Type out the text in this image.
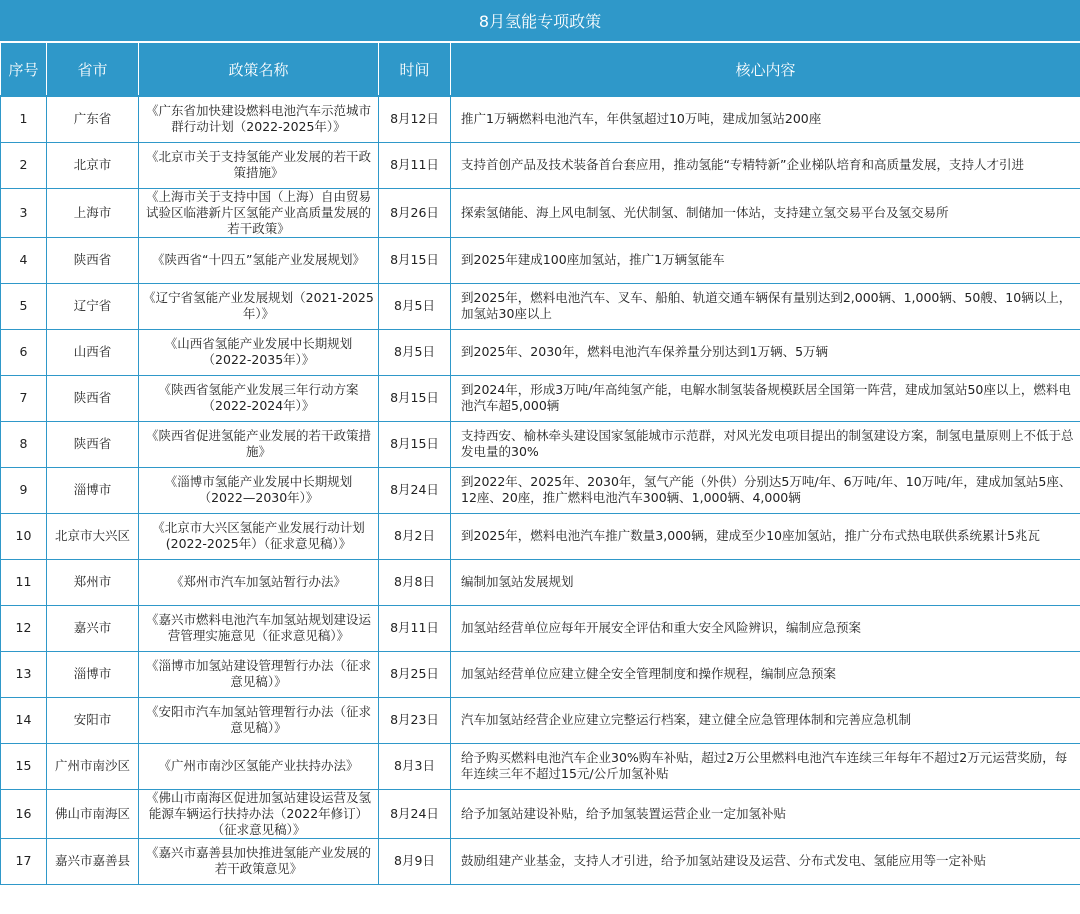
8月氢能专项政策
序号	省市	政策名称	时间	核心内容
1	广东省	《广东省加快建设燃料电池汽车示范城市群行动计划（2022-2025年）》	8月12日	推广1万辆燃料电池汽车，年供氢超过10万吨，建成加氢站200座
2	北京市	《北京市关于支持氢能产业发展的若干政策措施》	8月11日	支持首创产品及技术装备首台套应用，推动氢能“专精特新”企业梯队培育和高质量发展，支持人才引进
3	上海市	《上海市关于支持中国（上海）自由贸易试验区临港新片区氢能产业高质量发展的若干政策》	8月26日	探索氢储能、海上风电制氢、光伏制氢、制储加一体站，支持建立氢交易平台及氢交易所
4	陕西省	《陕西省“十四五”氢能产业发展规划》	8月15日	到2025年建成100座加氢站，推广1万辆氢能车
5	辽宁省	《辽宁省氢能产业发展规划（2021-2025年）》	8月5日	到2025年，燃料电池汽车、叉车、船舶、轨道交通车辆保有量别达到2,000辆、1,000辆、50艘、10辆以上，加氢站30座以上
6	山西省	《山西省氢能产业发展中长期规划（2022-2035年）》	8月5日	到2025年、2030年，燃料电池汽车保养量分别达到1万辆、5万辆
7	陕西省	《陕西省氢能产业发展三年行动方案（2022-2024年）》	8月15日	到2024年，形成3万吨/年高纯氢产能，电解水制氢装备规模跃居全国第一阵营，建成加氢站50座以上，燃料电池汽车超5,000辆
8	陕西省	《陕西省促进氢能产业发展的若干政策措施》	8月15日	支持西安、榆林牵头建设国家氢能城市示范群，对风光发电项目提出的制氢建设方案，制氢电量原则上不低于总发电量的30%
9	淄博市	《淄博市氢能产业发展中长期规划（2022—2030年）》	8月24日	到2022年、2025年、2030年，氢气产能（外供）分别达5万吨/年、6万吨/年、10万吨/年，建成加氢站5座、12座、20座，推广燃料电池汽车300辆、1,000辆、4,000辆
10	北京市大兴区	《北京市大兴区氢能产业发展行动计划(2022-2025年）（征求意见稿）》	8月2日	到2025年，燃料电池汽车推广数量3,000辆，建成至少10座加氢站，推广分布式热电联供系统累计5兆瓦
11	郑州市	《郑州市汽车加氢站暂行办法》	8月8日	编制加氢站发展规划
12	嘉兴市	《嘉兴市燃料电池汽车加氢站规划建设运营管理实施意见（征求意见稿）》	8月11日	加氢站经营单位应每年开展安全评估和重大安全风险辨识，编制应急预案
13	淄博市	《淄博市加氢站建设管理暂行办法（征求意见稿）》	8月25日	加氢站经营单位应建立健全安全管理制度和操作规程，编制应急预案
14	安阳市	《安阳市汽车加氢站管理暂行办法（征求意见稿）》	8月23日	汽车加氢站经营企业应建立完整运行档案，建立健全应急管理体制和完善应急机制
15	广州市南沙区	《广州市南沙区氢能产业扶持办法》	8月3日	给予购买燃料电池汽车企业30%购车补贴，超过2万公里燃料电池汽车连续三年每年不超过2万元运营奖励，每年连续三年不超过15元/公斤加氢补贴
16	佛山市南海区	《佛山市南海区促进加氢站建设运营及氢能源车辆运行扶持办法（2022年修订）（征求意见稿）》	8月24日	给予加氢站建设补贴，给予加氢装置运营企业一定加氢补贴
17	嘉兴市嘉善县	《嘉兴市嘉善县加快推进氢能产业发展的若干政策意见》	8月9日	鼓励组建产业基金，支持人才引进，给予加氢站建设及运营、分布式发电、氢能应用等一定补贴
